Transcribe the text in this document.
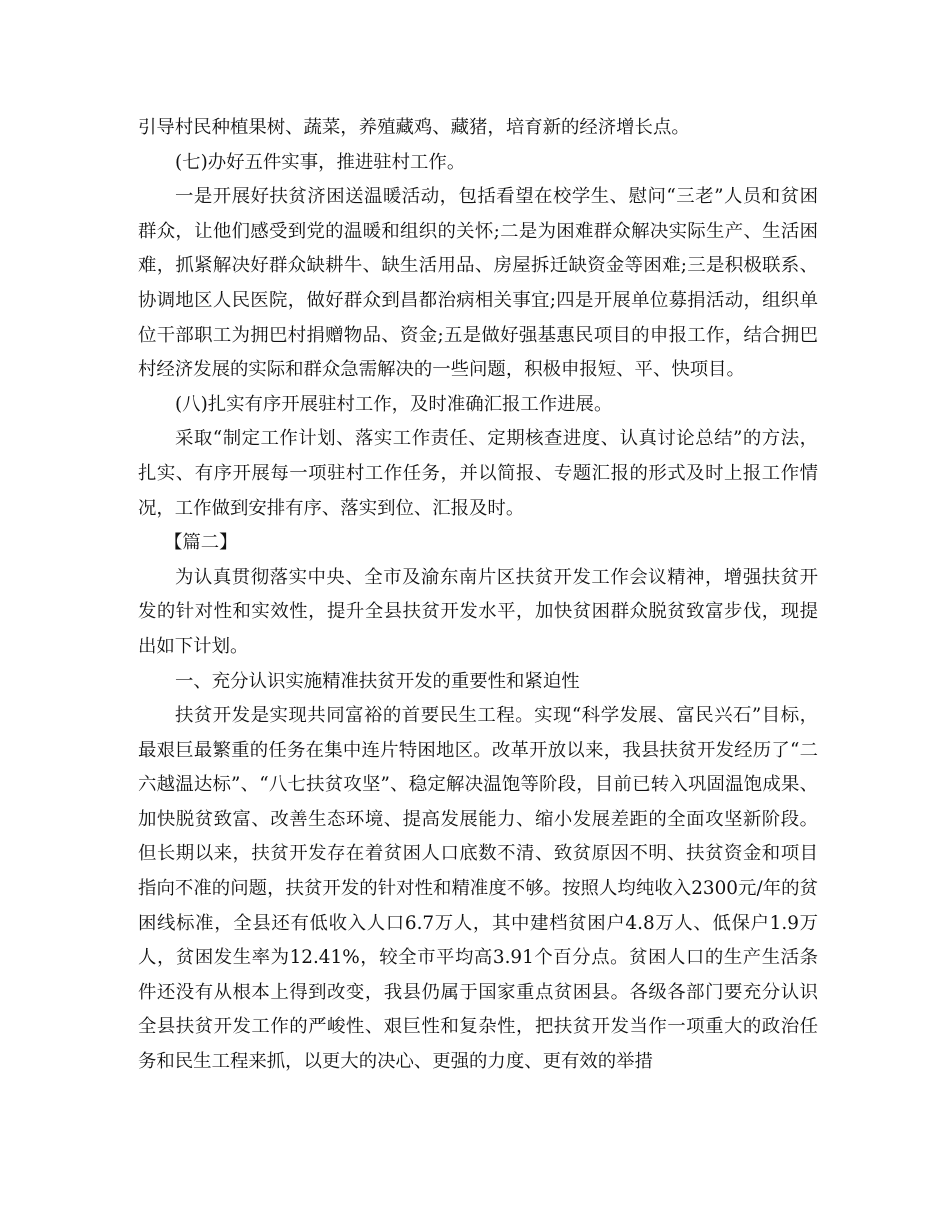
引导村民种植果树、蔬菜，养殖藏鸡、藏猪，培育新的经济增长点。

(七)办好五件实事，推进驻村工作。

一是开展好扶贫济困送温暖活动，包括看望在校学生、慰问“三老”人员和贫困群众，让他们感受到党的温暖和组织的关怀;二是为困难群众解决实际生产、生活困难，抓紧解决好群众缺耕牛、缺生活用品、房屋拆迁缺资金等困难;三是积极联系、协调地区人民医院，做好群众到昌都治病相关事宜;四是开展单位募捐活动，组织单位干部职工为拥巴村捐赠物品、资金;五是做好强基惠民项目的申报工作，结合拥巴村经济发展的实际和群众急需解决的一些问题，积极申报短、平、快项目。

(八)扎实有序开展驻村工作，及时准确汇报工作进展。

采取“制定工作计划、落实工作责任、定期核查进度、认真讨论总结”的方法，扎实、有序开展每一项驻村工作任务，并以简报、专题汇报的形式及时上报工作情况，工作做到安排有序、落实到位、汇报及时。

【篇二】

为认真贯彻落实中央、全市及渝东南片区扶贫开发工作会议精神，增强扶贫开发的针对性和实效性，提升全县扶贫开发水平，加快贫困群众脱贫致富步伐，现提出如下计划。

一、充分认识实施精准扶贫开发的重要性和紧迫性

扶贫开发是实现共同富裕的首要民生工程。实现“科学发展、富民兴石”目标，最艰巨最繁重的任务在集中连片特困地区。改革开放以来，我县扶贫开发经历了“二六越温达标”、“八七扶贫攻坚”、稳定解决温饱等阶段，目前已转入巩固温饱成果、加快脱贫致富、改善生态环境、提高发展能力、缩小发展差距的全面攻坚新阶段。但长期以来，扶贫开发存在着贫困人口底数不清、致贫原因不明、扶贫资金和项目指向不准的问题，扶贫开发的针对性和精准度不够。按照人均纯收入2300元/年的贫困线标准，全县还有低收入人口6.7万人，其中建档贫困户4.8万人、低保户1.9万人，贫困发生率为12.41%，较全市平均高3.91个百分点。贫困人口的生产生活条件还没有从根本上得到改变，我县仍属于国家重点贫困县。各级各部门要充分认识全县扶贫开发工作的严峻性、艰巨性和复杂性，把扶贫开发当作一项重大的政治任务和民生工程来抓，以更大的决心、更强的力度、更有效的举措
